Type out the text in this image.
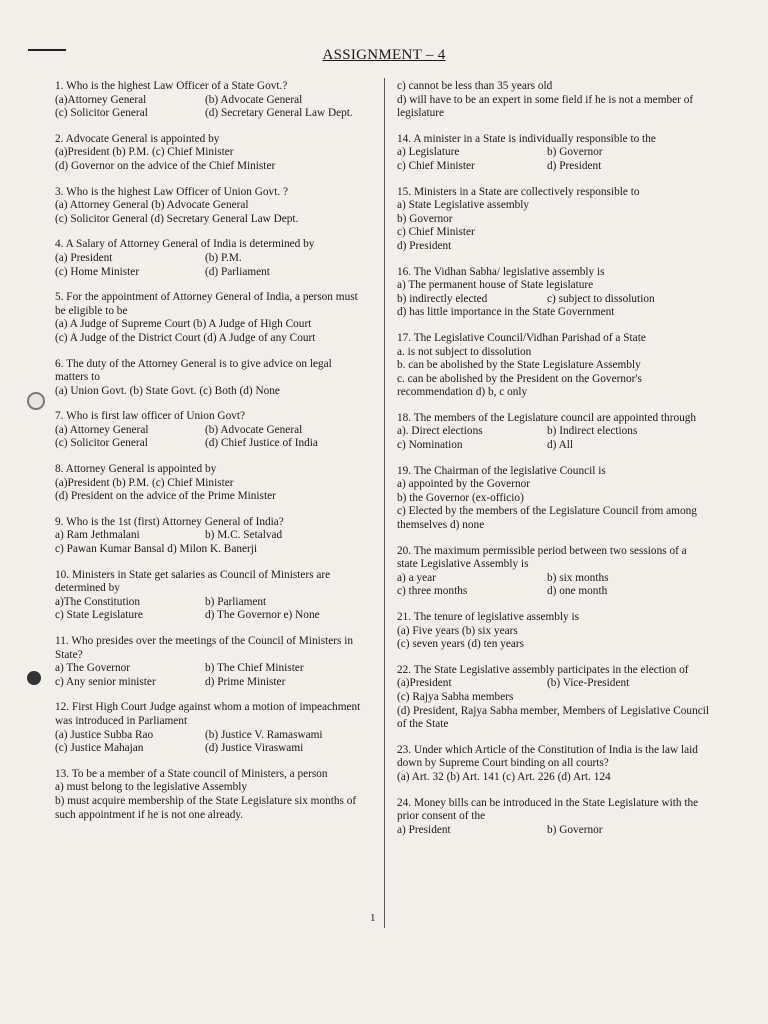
ASSIGNMENT – 4
1. Who is the highest Law Officer of a State Govt.?
(a)Attorney General	(b) Advocate General
(c) Solicitor General	(d) Secretary General Law Dept.
2. Advocate General is appointed by
(a)President (b) P.M. (c) Chief Minister
(d) Governor on the advice of the Chief Minister
3. Who is the highest Law Officer of Union Govt. ?
(a) Attorney General (b) Advocate General
(c) Solicitor General (d) Secretary General Law Dept.
4. A Salary of Attorney General of India is determined by
(a) President	(b) P.M.
(c) Home Minister	(d) Parliament
5. For the appointment of Attorney General of India, a person must be eligible to be
(a) A Judge of Supreme Court (b) A Judge of High Court
(c) A Judge of the District Court (d) A Judge of any Court
6. The duty of the Attorney General is to give advice on legal matters to
(a) Union Govt. (b) State Govt. (c) Both (d) None
7. Who is first law officer of Union Govt?
(a) Attorney General	(b) Advocate General
(c) Solicitor General	(d) Chief Justice of India
8. Attorney General is appointed by
(a)President (b) P.M. (c) Chief Minister
(d) President on the advice of the Prime Minister
9. Who is the 1st (first) Attorney General of India?
a) Ram Jethmalani	b) M.C. Setalvad
c) Pawan Kumar Bansal d) Milon K. Banerji
10. Ministers in State get salaries as Council of Ministers are determined by
a)The Constitution	b) Parliament
c) State Legislature	d) The Governor e) None
11. Who presides over the meetings of the Council of Ministers in State?
a) The Governor	b) The Chief Minister
c) Any senior minister	d) Prime Minister
12. First High Court Judge against whom a motion of impeachment was introduced in Parliament
(a) Justice Subba Rao	(b) Justice V. Ramaswami
(c) Justice Mahajan	(d) Justice Viraswami
13. To be a member of a State council of Ministers, a person
a) must belong to the legislative Assembly
b) must acquire membership of the State Legislature six months of such appointment if he is not one already.
c) cannot be less than 35 years old
d) will have to be an expert in some field if he is not a member of legislature
14. A minister in a State is individually responsible to the
a) Legislature	b) Governor
c) Chief Minister	d) President
15. Ministers in a State are collectively responsible to
a) State Legislative assembly
b) Governor
c) Chief Minister
d) President
16. The Vidhan Sabha/ legislative assembly is
a) The permanent house of State legislature
b) indirectly elected	c) subject to dissolution
d) has little importance in the State Government
17. The Legislative Council/Vidhan Parishad of a State
a. is not subject to dissolution
b. can be abolished by the State Legislature Assembly
c. can be abolished by the President on the Governor's recommendation d) b, c only
18. The members of the Legislature council are appointed through
a). Direct elections	b) Indirect elections
c) Nomination	d) All
19. The Chairman of the legislative Council is
a) appointed by the Governor
b) the Governor (ex-officio)
c) Elected by the members of the Legislature Council from among themselves d) none
20. The maximum permissible period between two sessions of a state Legislative Assembly is
a) a year	b) six months
c) three months	d) one month
21. The tenure of legislative assembly is
(a) Five years (b) six years
(c) seven years (d) ten years
22. The State Legislative assembly participates in the election of
(a)President	(b) Vice-President
(c) Rajya Sabha members
(d) President, Rajya Sabha member, Members of Legislative Council of the State
23. Under which Article of the Constitution of India is the law laid down by Supreme Court binding on all courts?
(a) Art. 32 (b) Art. 141 (c) Art. 226 (d) Art. 124
24. Money bills can be introduced in the State Legislature with the prior consent of the
a) President	b) Governor
1
